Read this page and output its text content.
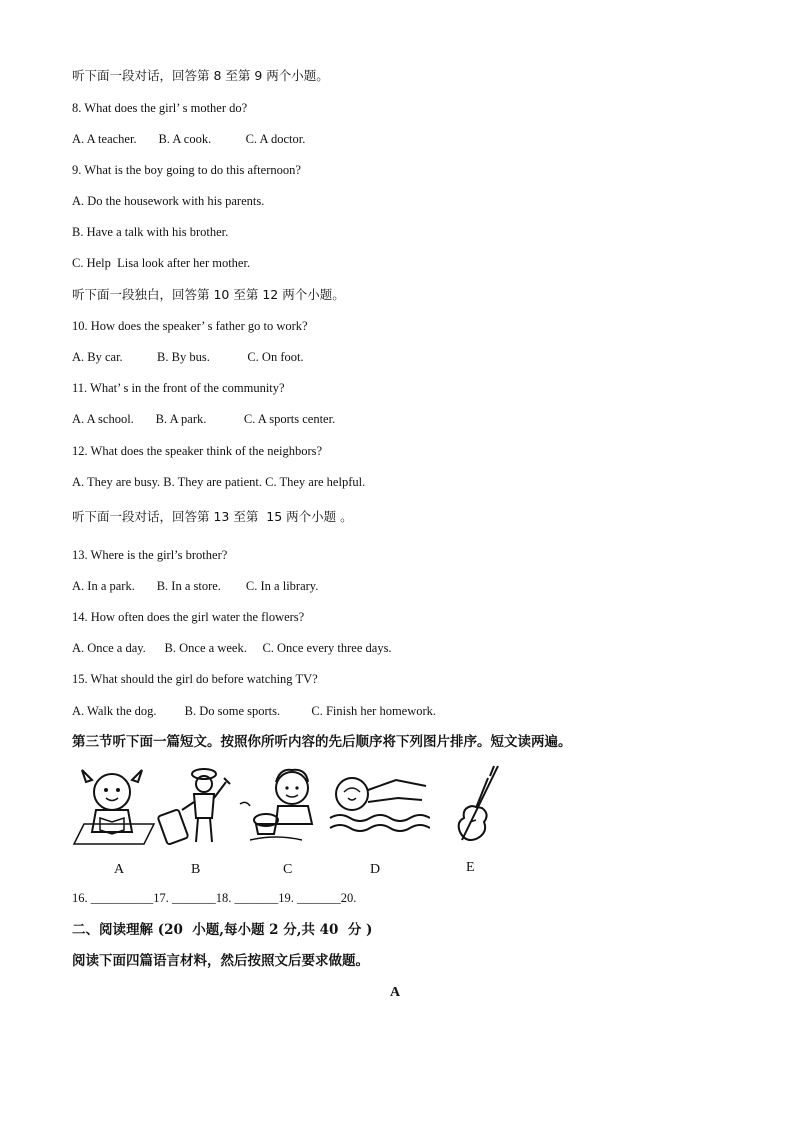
听下面一段对话，回答第 8 至第 9 两个小题。
8. What does the girl’ s mother do?
A. A teacher.       B. A cook.           C. A doctor.
9. What is the boy going to do this afternoon?
A. Do the housework with his parents.
B. Have a talk with his brother.
C. Help  Lisa look after her mother.
听下面一段独白，回答第 10 至第 12 两个小题。
10. How does the speaker’ s father go to work?
A. By car.           B. By bus.            C. On foot.
11. What’ s in the front of the community?
A. A school.       B. A park.            C. A sports center.
12. What does the speaker think of the neighbors?
A. They are busy. B. They are patient. C. They are helpful.
听下面一段对话，回答第 13 至第  15 两个小题 。
13. Where is the girl’s brother?
A. In a park.       B. In a store.        C. In a library.
14. How often does the girl water the flowers?
A. Once a day.      B. Once a week.     C. Once every three days.
15. What should the girl do before watching TV?
A. Walk the dog.         B. Do some sports.          C. Finish her homework.
第三节听下面一篇短文。按照你所听内容的先后顺序将下列图片排序。短文读两遍。
A	B	C	D	E
16. __________17. _______18. _______19. _______20.
二、阅读理解 (20  小题,每小题 2 分,共 40  分 )
阅读下面四篇语言材料，然后按照文后要求做题。
A
